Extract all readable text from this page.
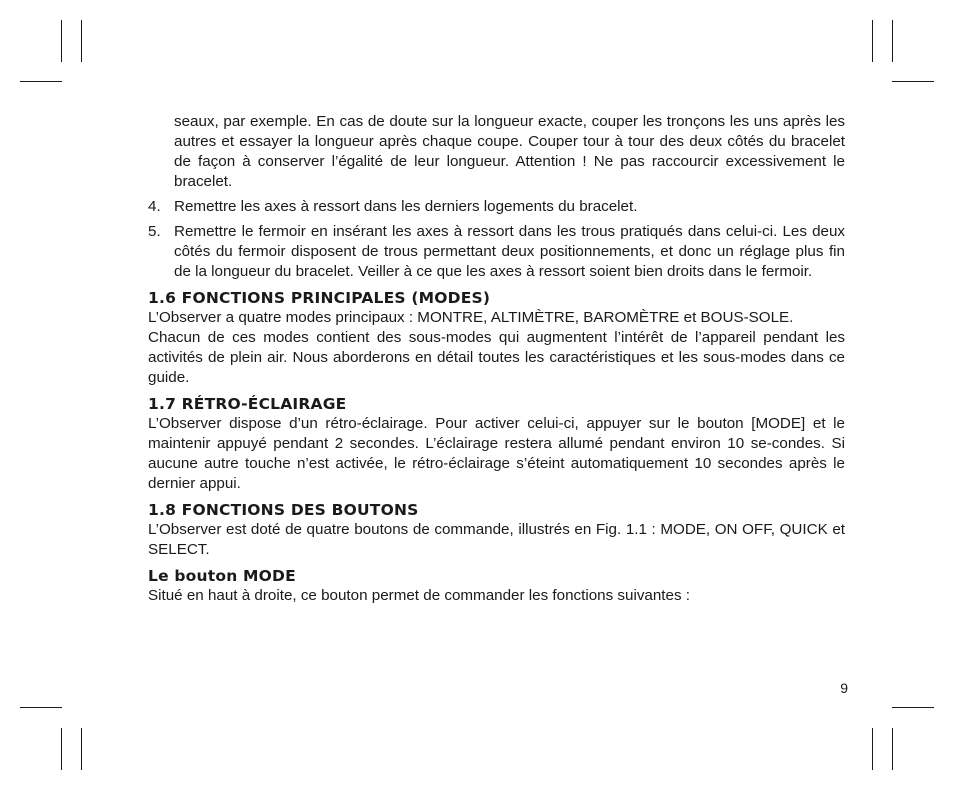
seaux, par exemple. En cas de doute sur la longueur exacte, couper les tronçons les uns après les autres et essayer la longueur après chaque coupe. Couper tour à tour des deux côtés du bracelet de façon à conserver l’égalité de leur longueur. Attention ! Ne pas raccourcir excessivement le bracelet.
4. Remettre les axes à ressort dans les derniers logements du bracelet.
5. Remettre le fermoir en insérant les axes à ressort dans les trous pratiqués dans celui-ci. Les deux côtés du fermoir disposent de trous permettant deux positionnements, et donc un réglage plus fin de la longueur du bracelet. Veiller à ce que les axes à ressort soient bien droits dans le fermoir.
1.6 FONCTIONS PRINCIPALES (MODES)
L’Observer a quatre modes principaux : MONTRE, ALTIMÈTRE, BAROMÈTRE et BOUS-SOLE.
Chacun de ces modes contient des sous-modes qui augmentent l’intérêt de l’appareil pendant les activités de plein air. Nous aborderons en détail toutes les caractéristiques et les sous-modes dans ce guide.
1.7 RÉTRO-ÉCLAIRAGE
L’Observer dispose d’un rétro-éclairage. Pour activer celui-ci, appuyer sur le bouton [MODE] et le maintenir appuyé pendant 2 secondes. L’éclairage restera allumé pendant environ 10 se-condes. Si aucune autre touche n’est activée, le rétro-éclairage s’éteint automatiquement 10 secondes après le dernier appui.
1.8 FONCTIONS DES BOUTONS
L’Observer est doté de quatre boutons de commande, illustrés en Fig. 1.1 : MODE, ON OFF, QUICK et SELECT.
Le bouton MODE
Situé en haut à droite, ce bouton permet de commander les fonctions suivantes :
9
